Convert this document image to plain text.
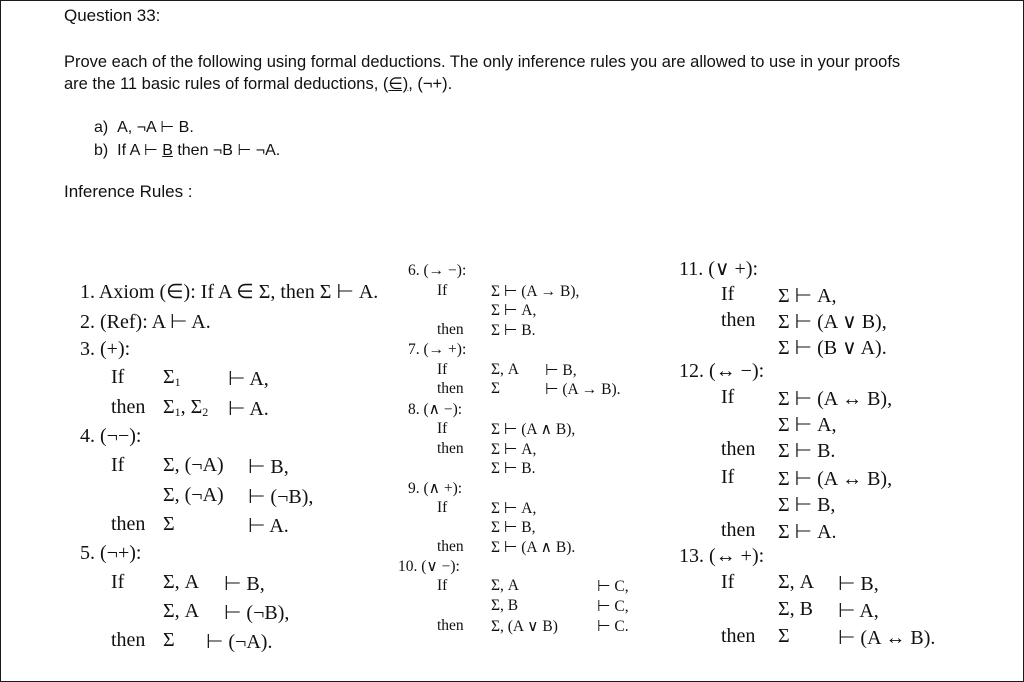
Question 33:
Prove each of the following using formal deductions. The only inference rules you are allowed to use in your proofs
are the 11 basic rules of formal deductions, (∈), (¬+).
a) A, ¬A ⊢ B.
b) If A ⊢ B then ¬B ⊢ ¬A.
Inference Rules :
1. Axiom (∈): If A ∈ Σ, then Σ ⊢ A.
2. (Ref): A ⊢ A.
3. (+):
If $\Sigma_1$ ⊢ A,
then $\Sigma_1$, $\Sigma_2$ ⊢ A.
4. (¬−):
If Σ, (¬A) ⊢ B,
Σ, (¬A) ⊢ (¬B),
then Σ	⊢ A.
5. (¬+):
If Σ, A ⊢ B,
Σ, A ⊢ (¬B),
then Σ ⊢ (¬A).
6. (→ −):
If	Σ ⊢ (A → B),
Σ ⊢ A,
then Σ ⊢ B.
7. (→ +):
If	Σ, A ⊢ B,
then Σ	⊢ (A → B).
8. (∧ −):
If	Σ ⊢ (A ∧ B),
then Σ ⊢ A,
Σ ⊢ B.
9. (∧ +):
If	Σ ⊢ A,
Σ ⊢ B,
then Σ ⊢ (A ∧ B).
10. (∨ −):
If	Σ, A	⊢ C,
Σ, B	⊢ C,
then Σ, (A ∨ B)	⊢ C.
11. (∨ +):
If Σ ⊢ A,
then Σ ⊢ (A ∨ B),
Σ ⊢ (B ∨ A).
12. (↔ −):
If Σ ⊢ (A ↔ B),
Σ ⊢ A,
then Σ ⊢ B.
If Σ ⊢ (A ↔ B),
Σ ⊢ B,
then Σ ⊢ A.
13. (↔ +):
If Σ, A ⊢ B,
Σ, B ⊢ A,
then Σ ⊢ (A ↔ B).
